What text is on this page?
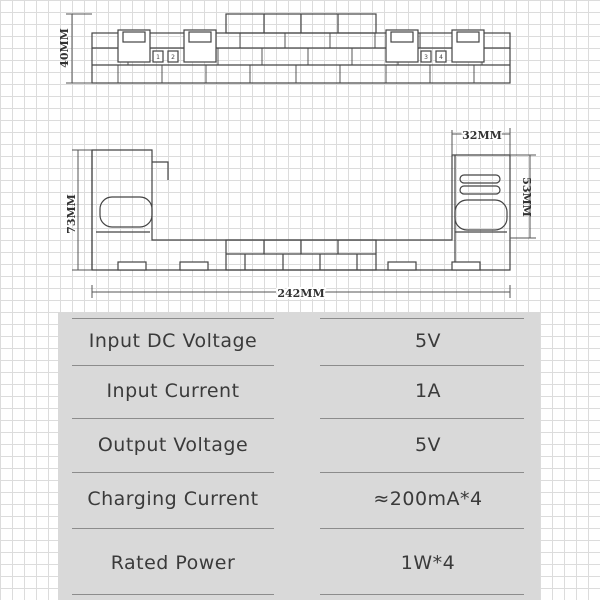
1 2	3 4
40MM
73MM
32MM
53MM
242MM
Input DC Voltage	5V
Input Current	1A
Output Voltage	5V
Charging Current	≈200mA*4
Rated Power	1W*4
